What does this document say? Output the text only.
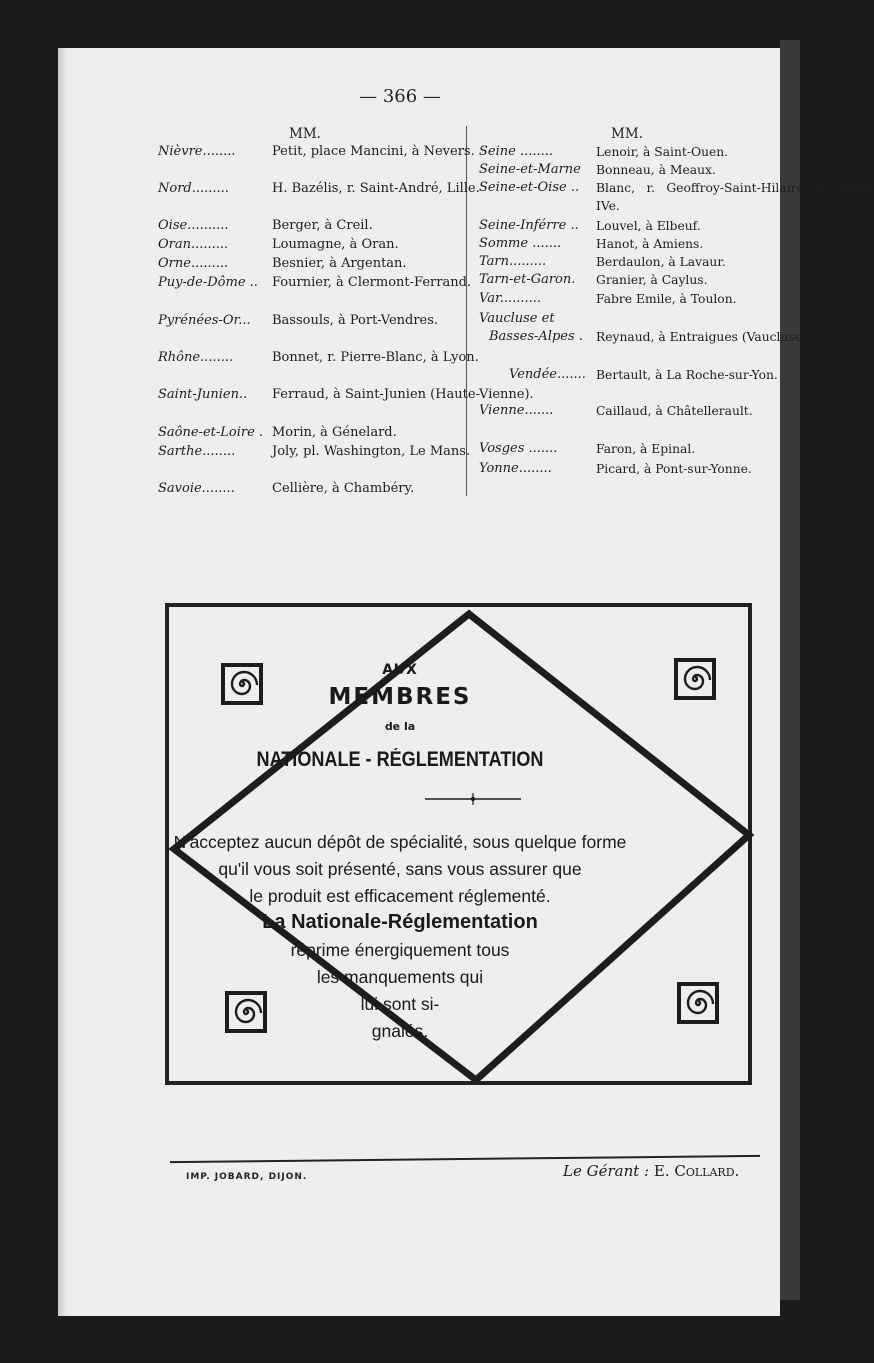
— 366 —
MM.	MM.
Nièvre........	Petit, place Mancini, à Nevers.
Nord.........	H. Bazélis, r. Saint-André, Lille.
Oise..........	Berger, à Creil.
Oran.........	Loumagne, à Oran.
Orne.........	Besnier, à Argentan.
Puy-de-Dôme .. Fournier, à Clermont-Ferrand.
Pyrénées-Or... Bassouls, à Port-Vendres.
Rhône........	Bonnet, r. Pierre-Blanc, à Lyon.
Saint-Junien.. Ferraud, à Saint-Junien (Haute-Vienne).
Saône-et-Loire . Morin, à Génelard.
Sarthe........	Joly, pl. Washington, Le Mans.
Savoie........	Cellière, à Chambéry.
Seine ........	Lenoir, à Saint-Ouen.
Seine-et-Marne Bonneau, à Meaux.
Seine-et-Oise .. Blanc, r. Geoffroy-Saint-Hilaire,51, Paris-IVe.
Seine-Inférre .. Louvel, à Elbeuf.
Somme .......	Hanot, à Amiens.
Tarn.........	Berdaulon, à Lavaur.
Tarn-et-Garon. Granier, à Caylus.
Var..........	Fabre Emile, à Toulon.
Vaucluse et
Basses-Alpes . Reynaud, à Entraigues (Vaucluse).
Vendée....... Bertault, à La Roche-sur-Yon.
Vienne.......	Caillaud, à Châtellerault.
Vosges .......	Faron, à Epinal.
Yonne........	Picard, à Pont-sur-Yonne.
AUX
MEMBRES
de la
NATIONALE - RÉGLEMENTATION
N'acceptez aucun dépôt de spécialité, sous quelque forme
qu'il vous soit présenté, sans vous assurer que
le produit est efficacement réglementé.
La Nationale-Réglementation
réprime énergiquement tous
les manquements qui
lui sont si-
gnalés.
IMP. JOBARD, DIJON.	Le Gérant : E. Collard.
